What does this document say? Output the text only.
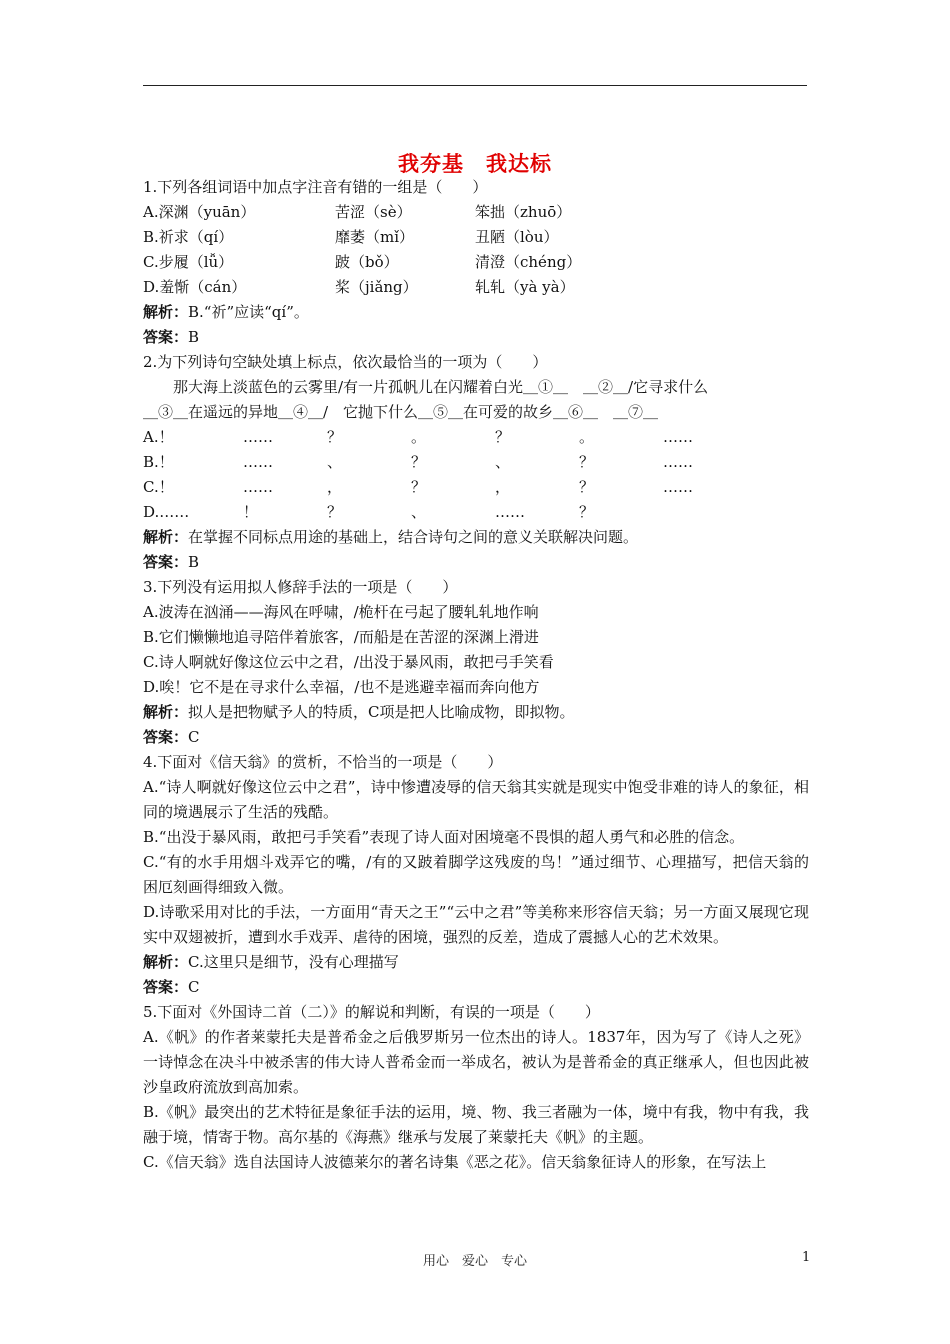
我夯基　我达标
1.下列各组词语中加点字注音有错的一组是（　　）
A.深渊（yuān）	苦涩（sè）	笨拙（zhuō）
B.祈求（qí）	靡萎（mǐ）	丑陋（lòu）
C.步履（lǚ）	跛（bǒ）	清澄（chéng）
D.羞惭（cán）	桨（jiǎng）	轧轧（yà yà）
解析：B.“祈”应读“qí”。
答案：B
2.为下列诗句空缺处填上标点，依次最恰当的一项为（　　）
　　那大海上淡蓝色的云雾里/有一片孤帆儿在闪耀着白光＿①＿　＿②＿/它寻求什么
＿③＿在遥远的异地＿④＿/　它抛下什么＿⑤＿在可爱的故乡＿⑥＿　＿⑦＿
A.！	……	？	。	？	。	……
B.！	……	、	？	、	？	……
C.！	……	，	？	，	？	……
D.……	！	？	、	……	？
解析：在掌握不同标点用途的基础上，结合诗句之间的意义关联解决问题。
答案：B
3.下列没有运用拟人修辞手法的一项是（　　）
A.波涛在汹涌——海风在呼啸，/桅杆在弓起了腰轧轧地作响
B.它们懒懒地追寻陪伴着旅客，/而船是在苦涩的深渊上滑进
C.诗人啊就好像这位云中之君，/出没于暴风雨，敢把弓手笑看
D.唉！它不是在寻求什么幸福，/也不是逃避幸福而奔向他方
解析：拟人是把物赋予人的特质，C项是把人比喻成物，即拟物。
答案：C
4.下面对《信天翁》的赏析，不恰当的一项是（　　）
A.“诗人啊就好像这位云中之君”，诗中惨遭凌辱的信天翁其实就是现实中饱受非难的诗人的象征，相同的境遇展示了生活的残酷。
B.“出没于暴风雨，敢把弓手笑看”表现了诗人面对困境毫不畏惧的超人勇气和必胜的信念。
C.“有的水手用烟斗戏弄它的嘴，/有的又跛着脚学这残废的鸟！”通过细节、心理描写，把信天翁的困厄刻画得细致入微。
D.诗歌采用对比的手法，一方面用“青天之王”“云中之君”等美称来形容信天翁；另一方面又展现它现实中双翅被折，遭到水手戏弄、虐待的困境，强烈的反差，造成了震撼人心的艺术效果。
解析：C.这里只是细节，没有心理描写
答案：C
5.下面对《外国诗二首（二）》的解说和判断，有误的一项是（　　）
A.《帆》的作者莱蒙托夫是普希金之后俄罗斯另一位杰出的诗人。1837年，因为写了《诗人之死》一诗悼念在决斗中被杀害的伟大诗人普希金而一举成名，被认为是普希金的真正继承人，但也因此被沙皇政府流放到高加索。
B.《帆》最突出的艺术特征是象征手法的运用，境、物、我三者融为一体，境中有我，物中有我，我融于境，情寄于物。高尔基的《海燕》继承与发展了莱蒙托夫《帆》的主题。
C.《信天翁》选自法国诗人波德莱尔的著名诗集《恶之花》。信天翁象征诗人的形象，在写法上
用心　爱心　专心	1
